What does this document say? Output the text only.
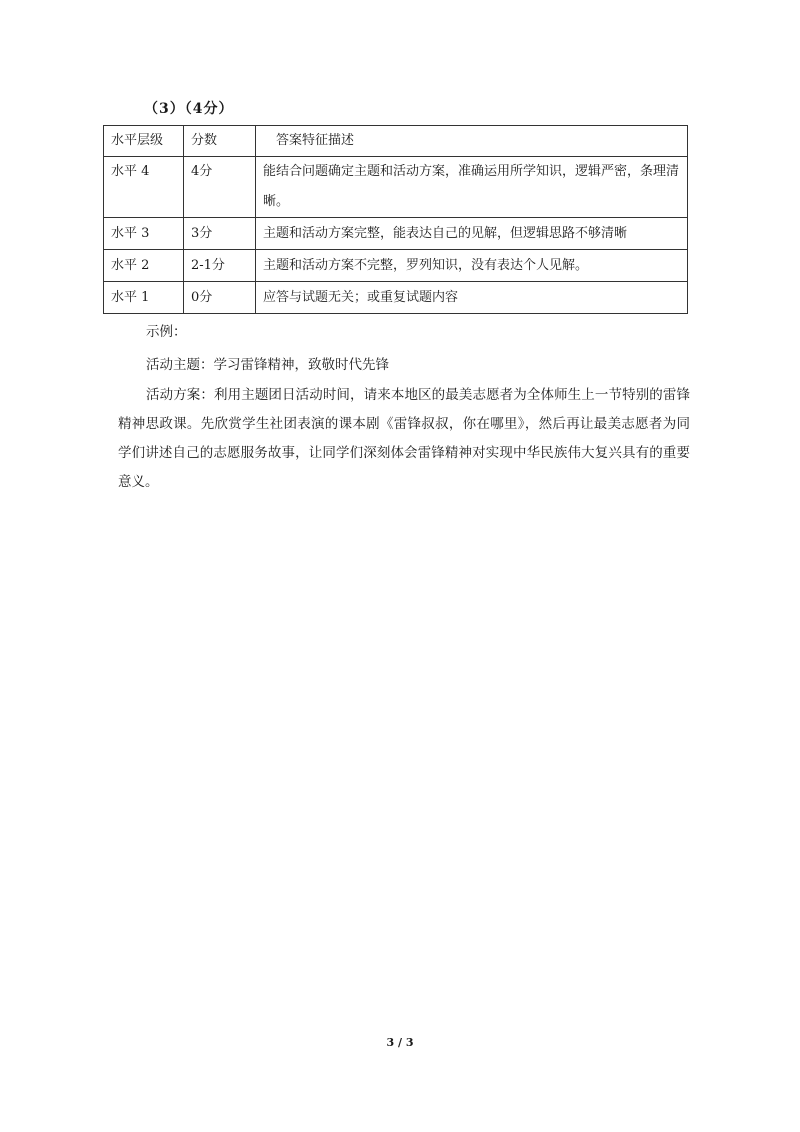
（3）（4分）
水平层级	分数	答案特征描述
水平 4	4分	能结合问题确定主题和活动方案，准确运用所学知识，逻辑严密，条理清晰。
水平 3	3分	主题和活动方案完整，能表达自己的见解，但逻辑思路不够清晰
水平 2	2-1分	主题和活动方案不完整，罗列知识，没有表达个人见解。
水平 1	0分	应答与试题无关；或重复试题内容
示例：
活动主题：学习雷锋精神，致敬时代先锋
活动方案：利用主题团日活动时间，请来本地区的最美志愿者为全体师生上一节特别的雷锋精神思政课。先欣赏学生社团表演的课本剧《雷锋叔叔，你在哪里》，然后再让最美志愿者为同学们讲述自己的志愿服务故事，让同学们深刻体会雷锋精神对实现中华民族伟大复兴具有的重要意义。
3 / 3
